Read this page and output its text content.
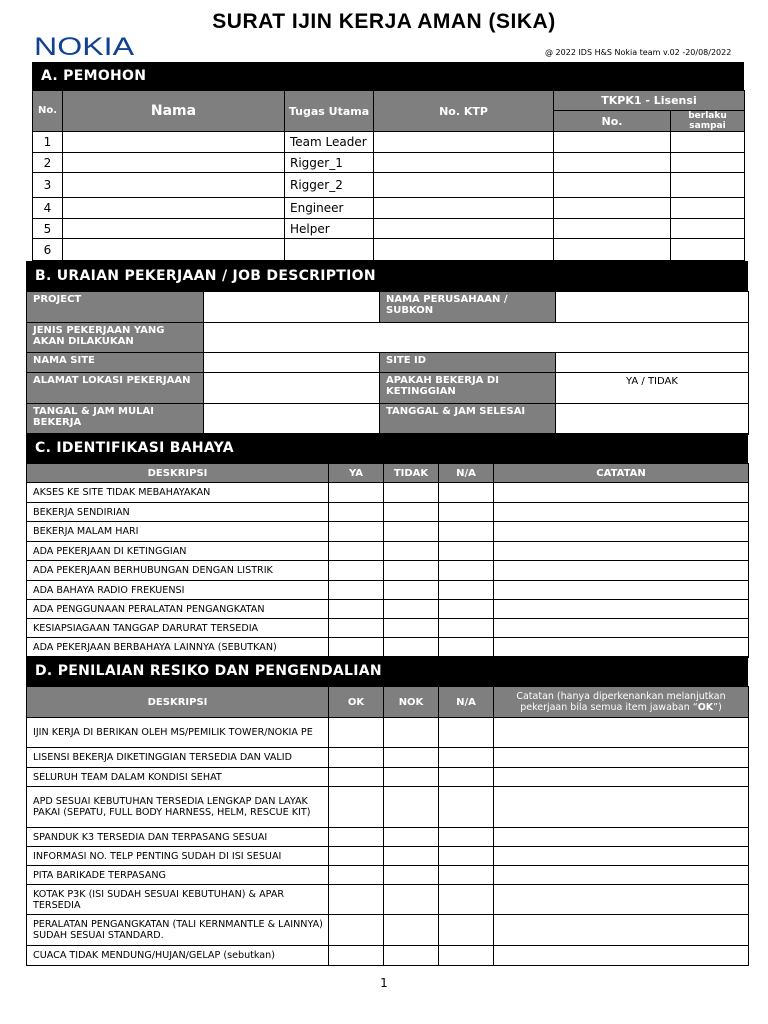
SURAT IJIN KERJA AMAN (SIKA)
NOKIA	@ 2022 IDS H&S Nokia team v.02 -20/08/2022
A. PEMOHON
No.	Nama	Tugas Utama	No. KTP	TKPK1 - Lisensi	
				No.	berlaku sampai
1		Team Leader			
2		Rigger_1			
3		Rigger_2			
4		Engineer			
5		Helper			
6					
B. URAIAN PEKERJAAN / JOB DESCRIPTION
PROJECT		NAMA PERUSAHAAN / SUBKON	
JENIS PEKERJAAN YANG AKAN DILAKUKAN			
NAMA SITE		SITE ID	
ALAMAT LOKASI PEKERJAAN		APAKAH BEKERJA DI KETINGGIAN	YA / TIDAK
TANGAL & JAM MULAI BEKERJA		TANGGAL & JAM SELESAI	
C. IDENTIFIKASI BAHAYA
DESKRIPSI	YA	TIDAK	N/A	CATATAN
AKSES KE SITE TIDAK MEBAHAYAKAN				
BEKERJA SENDIRIAN				
BEKERJA MALAM HARI				
ADA PEKERJAAN DI KETINGGIAN				
ADA PEKERJAAN BERHUBUNGAN DENGAN LISTRIK				
ADA BAHAYA RADIO FREKUENSI				
ADA PENGGUNAAN PERALATAN PENGANGKATAN				
KESIAPSIAGAAN TANGGAP DARURAT TERSEDIA				
ADA PEKERJAAN BERBAHAYA LAINNYA (SEBUTKAN)				
D. PENILAIAN RESIKO DAN PENGENDALIAN
DESKRIPSI	OK	NOK	N/A	Catatan (hanya diperkenankan melanjutkan pekerjaan bila semua item jawaban “OK”)
IJIN KERJA DI BERIKAN OLEH MS/PEMILIK TOWER/NOKIA PE				
LISENSI BEKERJA DIKETINGGIAN TERSEDIA DAN VALID				
SELURUH TEAM DALAM KONDISI SEHAT				
APD SESUAI KEBUTUHAN TERSEDIA LENGKAP DAN LAYAK PAKAI (SEPATU, FULL BODY HARNESS, HELM, RESCUE KIT)				
SPANDUK K3 TERSEDIA DAN TERPASANG SESUAI				
INFORMASI NO. TELP PENTING SUDAH DI ISI SESUAI				
PITA BARIKADE TERPASANG				
KOTAK P3K (ISI SUDAH SESUAI KEBUTUHAN) & APAR TERSEDIA				
PERALATAN PENGANGKATAN (TALI KERNMANTLE & LAINNYA) SUDAH SESUAI STANDARD.				
CUACA TIDAK MENDUNG/HUJAN/GELAP (sebutkan)				
1
